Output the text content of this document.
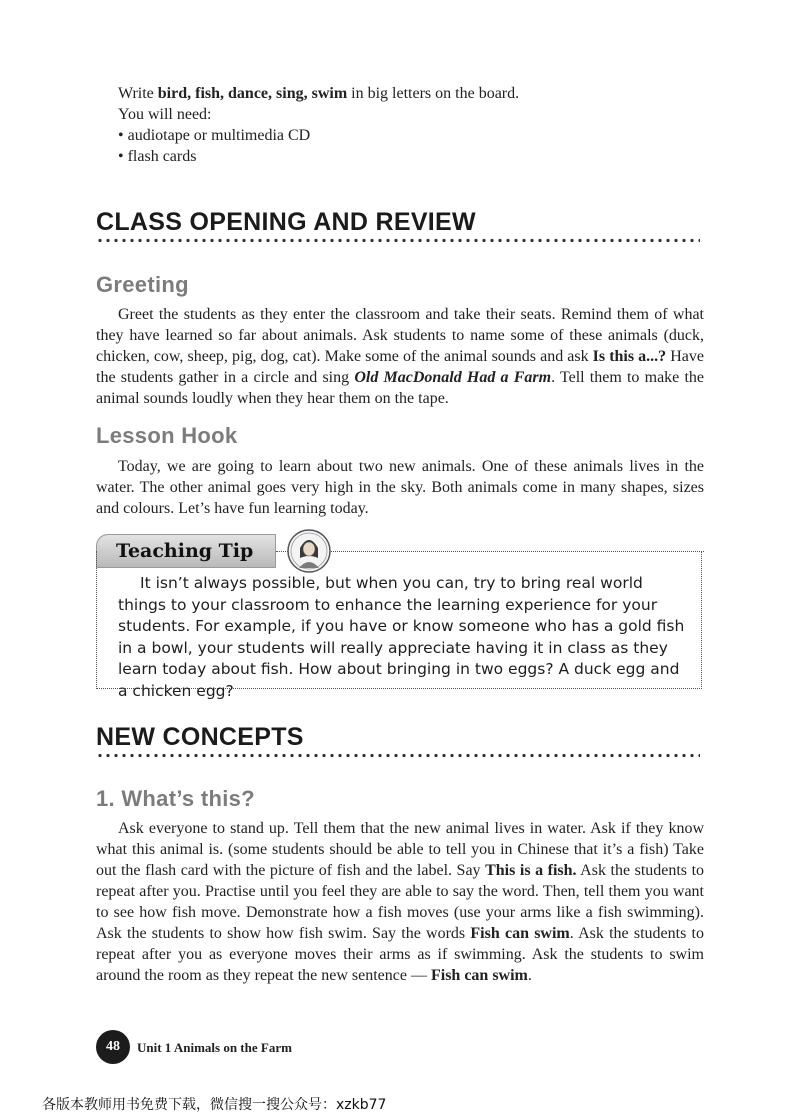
Write bird, fish, dance, sing, swim in big letters on the board.

You will need:

• audiotape or multimedia CD

• flash cards

CLASS OPENING AND REVIEW
Greeting

Greet the students as they enter the classroom and take their seats. Remind them of what they have learned so far about animals. Ask students to name some of these animals (duck, chicken, cow, sheep, pig, dog, cat). Make some of the animal sounds and ask Is this a...? Have the students gather in a circle and sing Old MacDonald Had a Farm. Tell them to make the animal sounds loudly when they hear them on the tape.

Lesson Hook

Today, we are going to learn about two new animals. One of these animals lives in the water. The other animal goes very high in the sky. Both animals come in many shapes, sizes and colours. Let’s have fun learning today.

Teaching Tip

It isn’t always possible, but when you can, try to bring real world things to your classroom to enhance the learning experience for your students. For example, if you have or know someone who has a gold fish in a bowl, your students will really appreciate having it in class as they learn today about fish. How about bringing in two eggs? A duck egg and a chicken egg?

NEW CONCEPTS
1. What’s this?

Ask everyone to stand up. Tell them that the new animal lives in water. Ask if they know what this animal is. (some students should be able to tell you in Chinese that it’s a fish) Take out the flash card with the picture of fish and the label. Say This is a fish. Ask the students to repeat after you. Practise until you feel they are able to say the word. Then, tell them you want to see how fish move. Demonstrate how a fish moves (use your arms like a fish swimming). Ask the students to show how fish swim. Say the words Fish can swim. Ask the students to repeat after you as everyone moves their arms as if swimming. Ask the students to swim around the room as they repeat the new sentence — Fish can swim.

48	Unit 1 Animals on the Farm
各版本教师用书免费下载，微信搜一搜公众号：xzkb77
